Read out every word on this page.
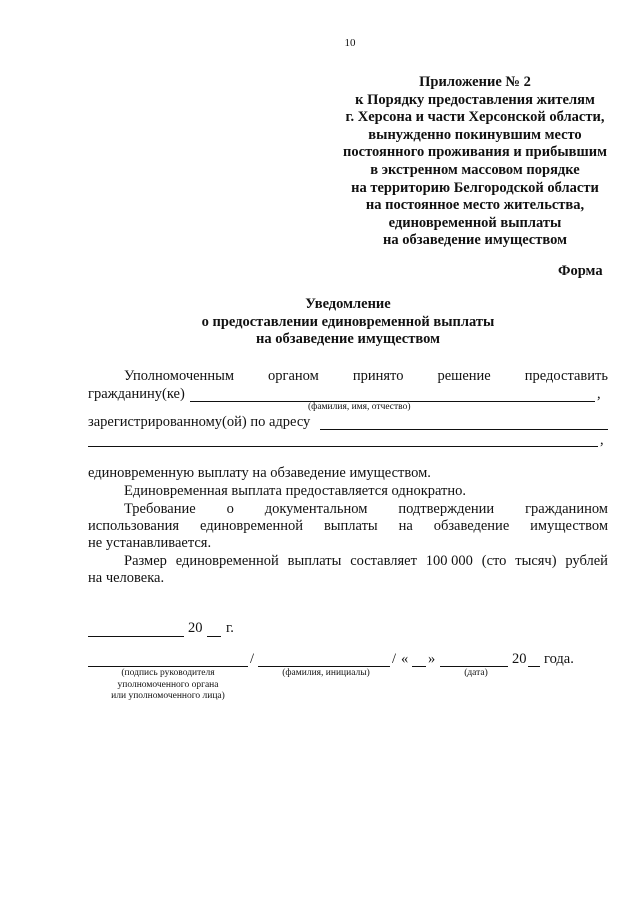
10
Приложение № 2
к Порядку предоставления жителям
г. Херсона и части Херсонской области,
вынужденно покинувшим место
постоянного проживания и прибывшим
в экстренном массовом порядке
на территорию Белгородской области
на постоянное место жительства,
единовременной выплаты
на обзаведение имуществом
Форма
Уведомление
о предоставлении единовременной выплаты
на обзаведение имуществом
Уполномоченным органом принято решение предоставить
гражданину(ке)	,
(фамилия, имя, отчество)
зарегистрированному(ой) по адресу
,
единовременную выплату на обзаведение имуществом.
Единовременная выплата предоставляется однократно.
Требование о документальном подтверждении гражданином
использования единовременной выплаты на обзаведение имуществом
не устанавливается.
Размер единовременной выплаты составляет 100 000 (сто тысяч) рублей
на человека.
20 г.
/	/ « »	20 года.
(подпись руководителя
уполномоченного органа
или уполномоченного лица)
(фамилия, инициалы)	(дата)
